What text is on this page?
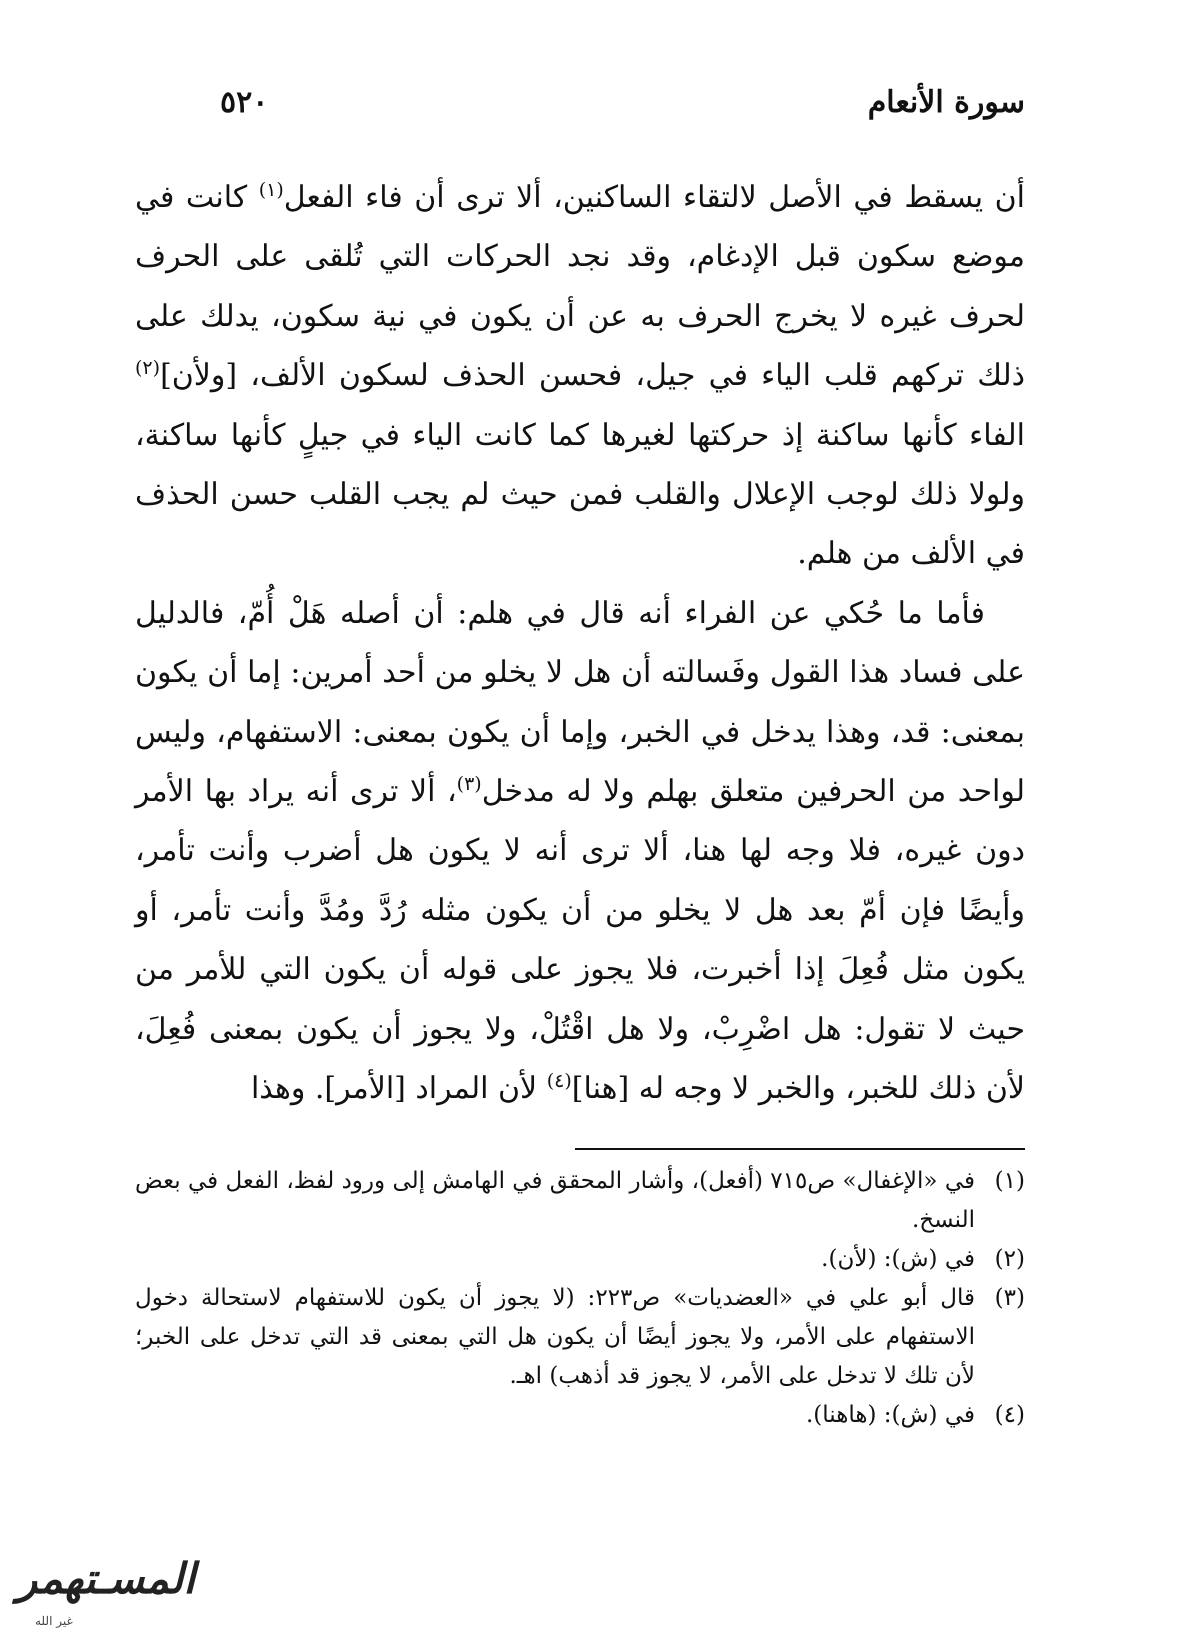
٥٢٠	سورة الأنعام

أن يسقط في الأصل لالتقاء الساكنين، ألا ترى أن فاء الفعل$^{(١)}$ كانت في موضع سكون قبل الإدغام، وقد نجد الحركات التي تُلقى على الحرف لحرف غيره لا يخرج الحرف به عن أن يكون في نية سكون، يدلك على ذلك تركهم قلب الياء في جيل، فحسن الحذف لسكون الألف، [ولأن]$^{(٢)}$ الفاء كأنها ساكنة إذ حركتها لغيرها كما كانت الياء في جيلٍ كأنها ساكنة، ولولا ذلك لوجب الإعلال والقلب فمن حيث لم يجب القلب حسن الحذف في الألف من هلم.

فأما ما حُكي عن الفراء أنه قال في هلم: أن أصله هَلْ أُمّ، فالدليل على فساد هذا القول وفَسالته أن هل لا يخلو من أحد أمرين: إما أن يكون بمعنى: قد، وهذا يدخل في الخبر، وإما أن يكون بمعنى: الاستفهام، وليس لواحد من الحرفين متعلق بهلم ولا له مدخل$^{(٣)}$، ألا ترى أنه يراد بها الأمر دون غيره، فلا وجه لها هنا، ألا ترى أنه لا يكون هل أضرب وأنت تأمر، وأيضًا فإن أمّ بعد هل لا يخلو من أن يكون مثله رُدَّ ومُدَّ وأنت تأمر، أو يكون مثل فُعِلَ إذا أخبرت، فلا يجوز على قوله أن يكون التي للأمر من حيث لا تقول: هل اضْرِبْ، ولا هل اقْتُلْ، ولا يجوز أن يكون بمعنى فُعِلَ، لأن ذلك للخبر، والخبر لا وجه له [هنا]$^{(٤)}$ لأن المراد [الأمر]. وهذا

(١)
في «الإغفال» ص٧١٥ (أفعل)، وأشار المحقق في الهامش إلى ورود لفظ، الفعل في بعض النسخ.
(٢)
في (ش): (لأن).
(٣)
قال أبو علي في «العضديات» ص٢٢٣: (لا يجوز أن يكون للاستفهام لاستحالة دخول الاستفهام على الأمر، ولا يجوز أيضًا أن يكون هل التي بمعنى قد التي تدخل على الخبر؛ لأن تلك لا تدخل على الأمر، لا يجوز قد أذهب) اهـ.
(٤)
في (ش): (هاهنا).
المسـتهمر
غير الله
